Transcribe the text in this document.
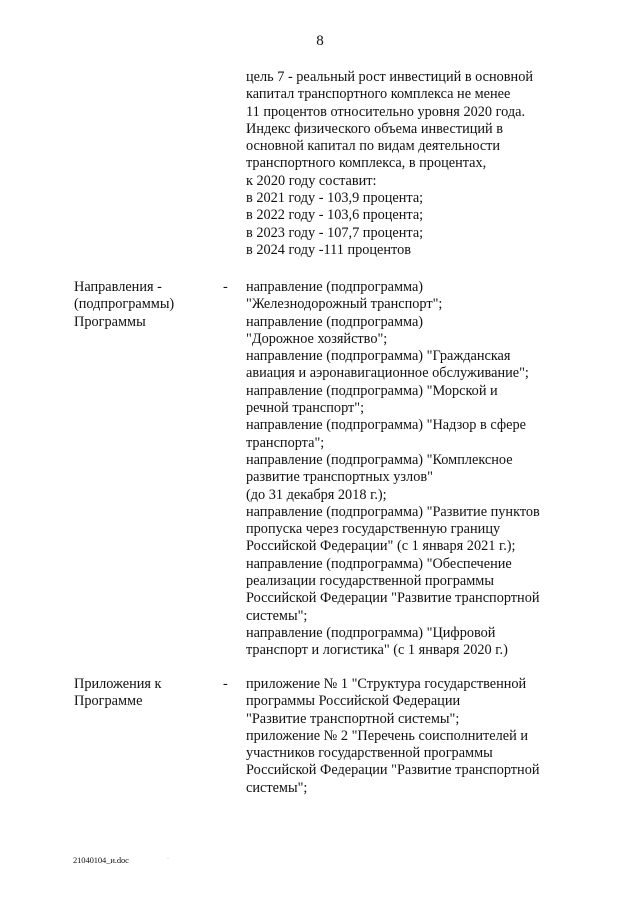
8
цель 7 - реальный рост инвестиций в основной
капитал транспортного комплекса не менее
11 процентов относительно уровня 2020 года.
Индекс физического объема инвестиций в
основной капитал по видам деятельности
транспортного комплекса, в процентах,
к 2020 году составит:
в 2021 году - 103,9 процента;
в 2022 году - 103,6 процента;
в 2023 году - 107,7 процента;
в 2024 году -111 процентов
Направления -
(подпрограммы)
Программы
- направление (подпрограмма)
"Железнодорожный транспорт";
направление (подпрограмма)
"Дорожное хозяйство";
направление (подпрограмма) "Гражданская
авиация и аэронавигационное обслуживание";
направление (подпрограмма) "Морской и
речной транспорт";
направление (подпрограмма) "Надзор в сфере
транспорта";
направление (подпрограмма) "Комплексное
развитие транспортных узлов"
(до 31 декабря 2018 г.);
направление (подпрограмма) "Развитие пунктов
пропуска через государственную границу
Российской Федерации" (с 1 января 2021 г.);
направление (подпрограмма) "Обеспечение
реализации государственной программы
Российской Федерации "Развитие транспортной
системы";
направление (подпрограмма) "Цифровой
транспорт и логистика" (с 1 января 2020 г.)
Приложения к
Программе
- приложение № 1 "Структура государственной
программы Российской Федерации
"Развитие транспортной системы";
приложение № 2 "Перечень соисполнителей и
участников государственной программы
Российской Федерации "Развитие транспортной
системы";
21040104_и.doc	·
